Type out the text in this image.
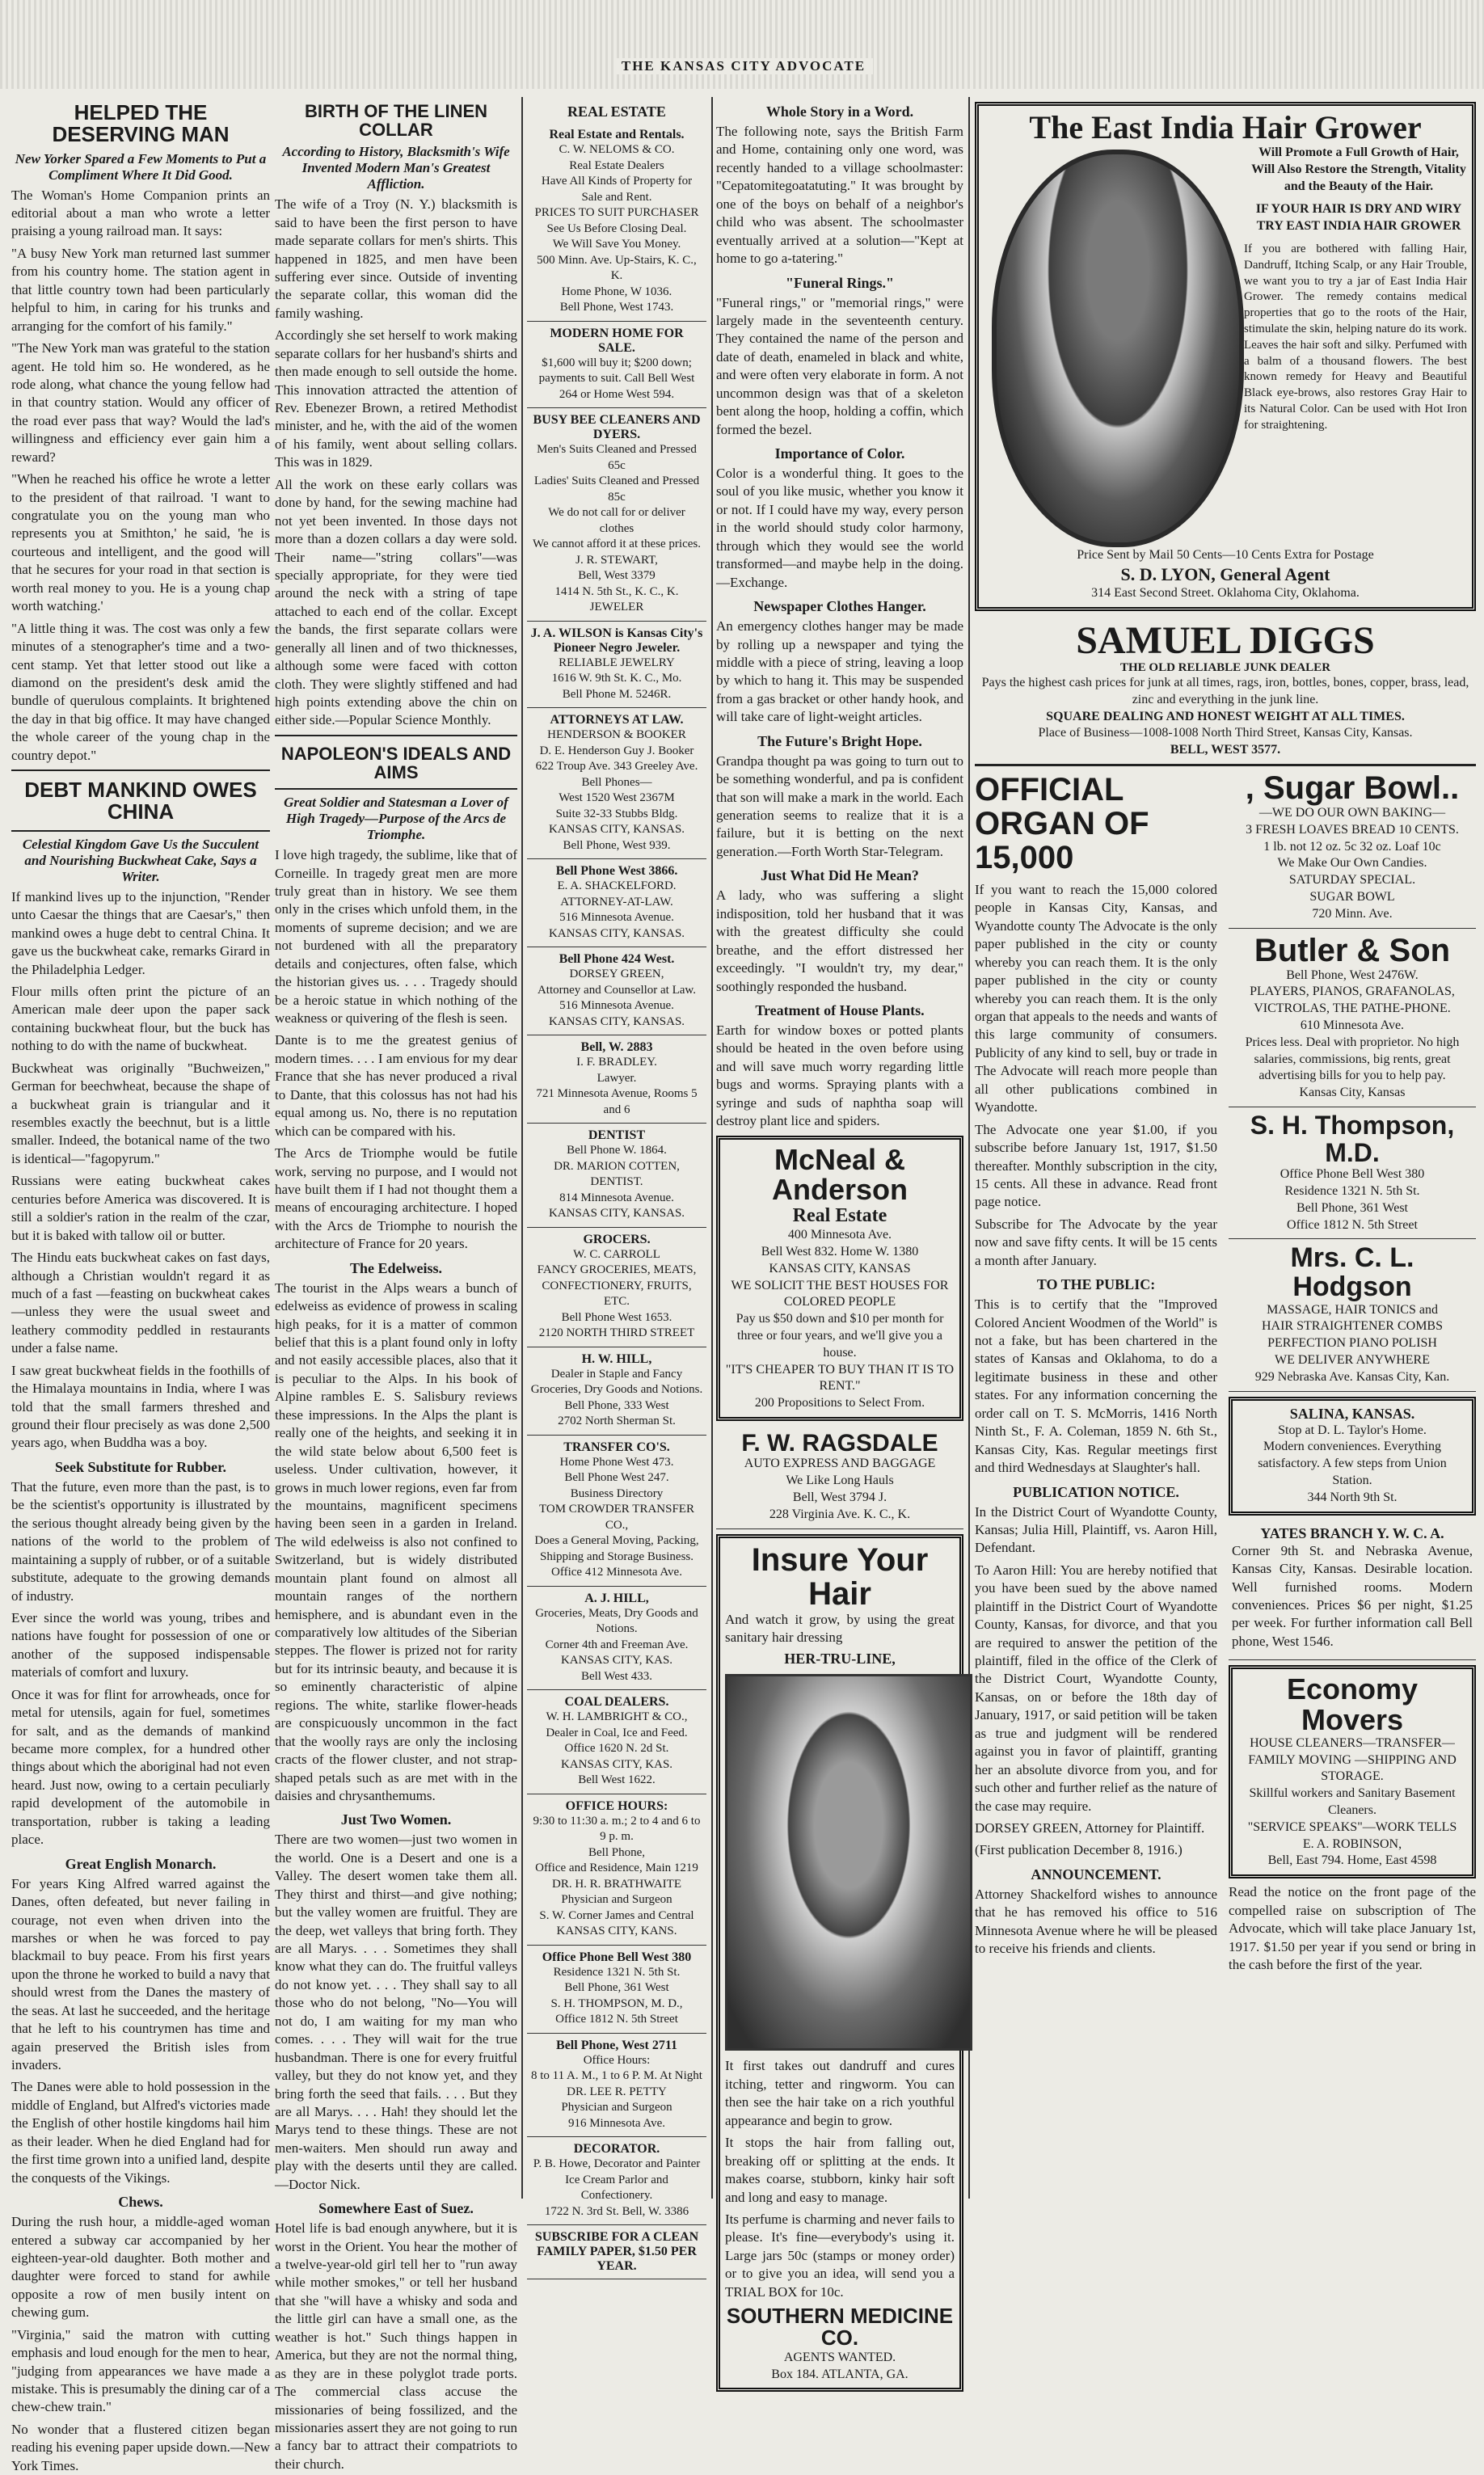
THE KANSAS CITY ADVOCATE
HELPED THE DESERVING MAN
New Yorker Spared a Few Moments to Put a Compliment Where It Did Good.

The Woman's Home Companion prints an editorial about a man who wrote a letter praising a young railroad man. It says:

"A busy New York man returned last summer from his country home. The station agent in that little country town had been particularly helpful to him, in caring for his trunks and arranging for the comfort of his family."

"The New York man was grateful to the station agent. He told him so. He wondered, as he rode along, what chance the young fellow had in that country station. Would any officer of the road ever pass that way? Would the lad's willingness and efficiency ever gain him a reward?

"When he reached his office he wrote a letter to the president of that railroad. 'I want to congratulate you on the young man who represents you at Smithton,' he said, 'he is courteous and intelligent, and the good will that he secures for your road in that section is worth real money to you. He is a young chap worth watching.'

"A little thing it was. The cost was only a few minutes of a stenographer's time and a two-cent stamp. Yet that letter stood out like a diamond on the president's desk amid the bundle of querulous complaints. It brightened the day in that big office. It may have changed the whole career of the young chap in the country depot."

DEBT MANKIND OWES CHINA
Celestial Kingdom Gave Us the Succulent and Nourishing Buckwheat Cake, Says a Writer.

If mankind lives up to the injunction, "Render unto Caesar the things that are Caesar's," then mankind owes a huge debt to central China. It gave us the buckwheat cake, remarks Girard in the Philadelphia Ledger.

Flour mills often print the picture of an American male deer upon the paper sack containing buckwheat flour, but the buck has nothing to do with the name of buckwheat.

Buckwheat was originally "Buchweizen," German for beechwheat, because the shape of a buckwheat grain is triangular and it resembles exactly the beechnut, but is a little smaller. Indeed, the botanical name of the two is identical—"fagopyrum."

Russians were eating buckwheat cakes centuries before America was discovered. It is still a soldier's ration in the realm of the czar, but it is baked with tallow oil or butter.

The Hindu eats buckwheat cakes on fast days, although a Christian wouldn't regard it as much of a fast —feasting on buckwheat cakes—unless they were the usual sweet and leathery commodity peddled in restaurants under a false name.

I saw great buckwheat fields in the foothills of the Himalaya mountains in India, where I was told that the small farmers threshed and ground their flour precisely as was done 2,500 years ago, when Buddha was a boy.

Seek Substitute for Rubber.

That the future, even more than the past, is to be the scientist's opportunity is illustrated by the serious thought already being given by the nations of the world to the problem of maintaining a supply of rubber, or of a suitable substitute, adequate to the growing demands of industry.

Ever since the world was young, tribes and nations have fought for possession of one or another of the supposed indispensable materials of comfort and luxury.

Once it was for flint for arrowheads, once for metal for utensils, again for fuel, sometimes for salt, and as the demands of mankind became more complex, for a hundred other things about which the aboriginal had not even heard. Just now, owing to a certain peculiarly rapid development of the automobile in transportation, rubber is taking a leading place.

Great English Monarch.

For years King Alfred warred against the Danes, often defeated, but never failing in courage, not even when driven into the marshes or when he was forced to pay blackmail to buy peace. From his first years upon the throne he worked to build a navy that should wrest from the Danes the mastery of the seas. At last he succeeded, and the heritage that he left to his countrymen has time and again preserved the British isles from invaders.

The Danes were able to hold possession in the middle of England, but Alfred's victories made the English of other hostile kingdoms hail him as their leader. When he died England had for the first time grown into a unified land, despite the conquests of the Vikings.

Chews.

During the rush hour, a middle-aged woman entered a subway car accompanied by her eighteen-year-old daughter. Both mother and daughter were forced to stand for awhile opposite a row of men busily intent on chewing gum.

"Virginia," said the matron with cutting emphasis and loud enough for the men to hear, "judging from appearances we have made a mistake. This is presumably the dining car of a chew-chew train."

No wonder that a flustered citizen began reading his evening paper upside down.—New York Times.

BIRTH OF THE LINEN COLLAR
According to History, Blacksmith's Wife Invented Modern Man's Greatest Affliction.

The wife of a Troy (N. Y.) blacksmith is said to have been the first person to have made separate collars for men's shirts. This happened in 1825, and men have been suffering ever since. Outside of inventing the separate collar, this woman did the family washing.

Accordingly she set herself to work making separate collars for her husband's shirts and then made enough to sell outside the home. This innovation attracted the attention of Rev. Ebenezer Brown, a retired Methodist minister, and he, with the aid of the women of his family, went about selling collars. This was in 1829.

All the work on these early collars was done by hand, for the sewing machine had not yet been invented. In those days not more than a dozen collars a day were sold. Their name—"string collars"—was specially appropriate, for they were tied around the neck with a string of tape attached to each end of the collar. Except the bands, the first separate collars were generally all linen and of two thicknesses, although some were faced with cotton cloth. They were slightly stiffened and had high points extending above the chin on either side.—Popular Science Monthly.

NAPOLEON'S IDEALS AND AIMS
Great Soldier and Statesman a Lover of High Tragedy—Purpose of the Arcs de Triomphe.

I love high tragedy, the sublime, like that of Corneille. In tragedy great men are more truly great than in history. We see them only in the crises which unfold them, in the moments of supreme decision; and we are not burdened with all the preparatory details and conjectures, often false, which the historian gives us. . . . Tragedy should be a heroic statue in which nothing of the weakness or quivering of the flesh is seen.

Dante is to me the greatest genius of modern times. . . . I am envious for my dear France that she has never produced a rival to Dante, that this colossus has not had his equal among us. No, there is no reputation which can be compared with his.

The Arcs de Triomphe would be futile work, serving no purpose, and I would not have built them if I had not thought them a means of encouraging architecture. I hoped with the Arcs de Triomphe to nourish the architecture of France for 20 years.

The Edelweiss.

The tourist in the Alps wears a bunch of edelweiss as evidence of prowess in scaling high peaks, for it is a matter of common belief that this is a plant found only in lofty and not easily accessible places, also that it is peculiar to the Alps. In his book of Alpine rambles E. S. Salisbury reviews these impressions. In the Alps the plant is really one of the heights, and seeking it in the wild state below about 6,500 feet is useless. Under cultivation, however, it grows in much lower regions, even far from the mountains, magnificent specimens having been seen in a garden in Ireland. The wild edelweiss is also not confined to Switzerland, but is widely distributed mountain plant found on almost all mountain ranges of the northern hemisphere, and is abundant even in the comparatively low altitudes of the Siberian steppes. The flower is prized not for rarity but for its intrinsic beauty, and because it is so eminently characteristic of alpine regions. The white, starlike flower-heads are conspicuously uncommon in the fact that the woolly rays are only the inclosing cracts of the flower cluster, and not strap-shaped petals such as are met with in the daisies and chrysanthemums.

Just Two Women.

There are two women—just two women in the world. One is a Desert and one is a Valley. The desert women take them all. They thirst and thirst—and give nothing; but the valley women are fruitful. They are the deep, wet valleys that bring forth. They are all Marys. . . . Sometimes they shall know what they can do. The fruitful valleys do not know yet. . . . They shall say to all those who do not belong, "No—You will not do, I am waiting for my man who comes. . . . They will wait for the true husbandman. There is one for every fruitful valley, but they do not know yet, and they bring forth the seed that fails. . . . But they are all Marys. . . . Hah! they should let the Marys tend to these things. These are not men-waiters. Men should run away and play with the deserts until they are called.—Doctor Nick.

Somewhere East of Suez.

Hotel life is bad enough anywhere, but it is worst in the Orient. You hear the mother of a twelve-year-old girl tell her to "run away while mother smokes," or tell her husband that she "will have a whisky and soda and the little girl can have a small one, as the weather is hot." Such things happen in America, but they are not the normal thing, as they are in these polyglot trade ports. The commercial class accuse the missionaries of being fossilized, and the missionaries assert they are not going to run a fancy bar to attract their compatriots to their church.

REAL ESTATE
Real Estate and Rentals.
C. W. NELOMS & CO.
Real Estate Dealers
Have All Kinds of Property for Sale and Rent.
PRICES TO SUIT PURCHASER
See Us Before Closing Deal.
We Will Save You Money.
500 Minn. Ave. Up-Stairs, K. C., K.
Home Phone, W 1036.
Bell Phone, West 1743.
MODERN HOME FOR SALE.
$1,600 will buy it; $200 down; payments to suit. Call Bell West 264 or Home West 594.
BUSY BEE CLEANERS AND DYERS.
Men's Suits Cleaned and Pressed 65c
Ladies' Suits Cleaned and Pressed 85c
We do not call for or deliver clothes
We cannot afford it at these prices.
J. R. STEWART,
Bell, West 3379
1414 N. 5th St., K. C., K.
JEWELER
J. A. WILSON is Kansas City's Pioneer Negro Jeweler.
RELIABLE JEWELRY
1616 W. 9th St. K. C., Mo.
Bell Phone M. 5246R.
ATTORNEYS AT LAW.
HENDERSON & BOOKER
D. E. Henderson Guy J. Booker
622 Troup Ave. 343 Greeley Ave.
Bell Phones—
West 1520 West 2367M
Suite 32-33 Stubbs Bldg.
KANSAS CITY, KANSAS.
Bell Phone, West 939.
Bell Phone West 3866.
E. A. SHACKELFORD.
ATTORNEY-AT-LAW.
516 Minnesota Avenue.
KANSAS CITY, KANSAS.
Bell Phone 424 West.
DORSEY GREEN,
Attorney and Counsellor at Law.
516 Minnesota Avenue.
KANSAS CITY, KANSAS.
Bell, W. 2883
I. F. BRADLEY.
Lawyer.
721 Minnesota Avenue, Rooms 5 and 6
DENTIST
Bell Phone W. 1864.
DR. MARION COTTEN,
DENTIST.
814 Minnesota Avenue.
KANSAS CITY, KANSAS.
GROCERS.
W. C. CARROLL
FANCY GROCERIES, MEATS, CONFECTIONERY, FRUITS, ETC.
Bell Phone West 1653.
2120 NORTH THIRD STREET
H. W. HILL,
Dealer in Staple and Fancy Groceries, Dry Goods and Notions.
Bell Phone, 333 West
2702 North Sherman St.
TRANSFER CO'S.
Home Phone West 473.
Bell Phone West 247.
Business Directory
TOM CROWDER TRANSFER CO.,
Does a General Moving, Packing, Shipping and Storage Business.
Office 412 Minnesota Ave.
A. J. HILL,
Groceries, Meats, Dry Goods and Notions.
Corner 4th and Freeman Ave.
KANSAS CITY, KAS.
Bell West 433.
COAL DEALERS.
W. H. LAMBRIGHT & CO.,
Dealer in Coal, Ice and Feed.
Office 1620 N. 2d St.
KANSAS CITY, KAS.
Bell West 1622.
OFFICE HOURS:
9:30 to 11:30 a. m.; 2 to 4 and 6 to 9 p. m.
Bell Phone,
Office and Residence, Main 1219
DR. H. R. BRATHWAITE
Physician and Surgeon
S. W. Corner James and Central
KANSAS CITY, KANS.
Office Phone Bell West 380
Residence 1321 N. 5th St.
Bell Phone, 361 West
S. H. THOMPSON, M. D.,
Office 1812 N. 5th Street
Bell Phone, West 2711
Office Hours:
8 to 11 A. M., 1 to 6 P. M. At Night
DR. LEE R. PETTY
Physician and Surgeon
916 Minnesota Ave.
DECORATOR.
P. B. Howe, Decorator and Painter
Ice Cream Parlor and Confectionery.
1722 N. 3rd St. Bell, W. 3386
SUBSCRIBE FOR A CLEAN FAMILY PAPER, $1.50 PER YEAR.
Whole Story in a Word.

The following note, says the British Farm and Home, containing only one word, was recently handed to a village schoolmaster: "Cepatomitegoatatuting." It was brought by one of the boys on behalf of a neighbor's child who was absent. The schoolmaster eventually arrived at a solution—"Kept at home to go a-tatering."

"Funeral Rings."

"Funeral rings," or "memorial rings," were largely made in the seventeenth century. They contained the name of the person and date of death, enameled in black and white, and were often very elaborate in form. A not uncommon design was that of a skeleton bent along the hoop, holding a coffin, which formed the bezel.

Importance of Color.

Color is a wonderful thing. It goes to the soul of you like music, whether you know it or not. If I could have my way, every person in the world should study color harmony, through which they would see the world transformed—and maybe help in the doing.—Exchange.

Newspaper Clothes Hanger.

An emergency clothes hanger may be made by rolling up a newspaper and tying the middle with a piece of string, leaving a loop by which to hang it. This may be suspended from a gas bracket or other handy hook, and will take care of light-weight articles.

The Future's Bright Hope.

Grandpa thought pa was going to turn out to be something wonderful, and pa is confident that son will make a mark in the world. Each generation seems to realize that it is a failure, but it is betting on the next generation.—Forth Worth Star-Telegram.

Just What Did He Mean?

A lady, who was suffering a slight indisposition, told her husband that it was with the greatest difficulty she could breathe, and the effort distressed her exceedingly. "I wouldn't try, my dear," soothingly responded the husband.

Treatment of House Plants.

Earth for window boxes or potted plants should be heated in the oven before using and will save much worry regarding little bugs and worms. Spraying plants with a syringe and suds of naphtha soap will destroy plant lice and spiders.

McNeal & Anderson
Real Estate
400 Minnesota Ave.
Bell West 832. Home W. 1380
KANSAS CITY, KANSAS
WE SOLICIT THE BEST HOUSES FOR COLORED PEOPLE
Pay us $50 down and $10 per month for three or four years, and we'll give you a house.
"IT'S CHEAPER TO BUY THAN IT IS TO RENT."
200 Propositions to Select From.
F. W. RAGSDALE
AUTO EXPRESS AND BAGGAGE
We Like Long Hauls
Bell, West 3794 J.
228 Virginia Ave. K. C., K.
Insure Your Hair

And watch it grow, by using the great sanitary hair dressing

HER-TRU-LINE,

It first takes out dandruff and cures itching, tetter and ringworm. You can then see the hair take on a rich youthful appearance and begin to grow.

It stops the hair from falling out, breaking off or splitting at the ends. It makes coarse, stubborn, kinky hair soft and long and easy to manage.

Its perfume is charming and never fails to please. It's fine—everybody's using it. Large jars 50c (stamps or money order) or to give you an idea, will send you a TRIAL BOX for 10c.

SOUTHERN MEDICINE CO.
AGENTS WANTED.
Box 184. ATLANTA, GA.
The East India Hair Grower
Will Promote a Full Growth of Hair, Will Also Restore the Strength, Vitality and the Beauty of the Hair.
IF YOUR HAIR IS DRY AND WIRY TRY EAST INDIA HAIR GROWER

If you are bothered with falling Hair, Dandruff, Itching Scalp, or any Hair Trouble, we want you to try a jar of East India Hair Grower. The remedy contains medical properties that go to the roots of the Hair, stimulate the skin, helping nature do its work. Leaves the hair soft and silky. Perfumed with a balm of a thousand flowers. The best known remedy for Heavy and Beautiful Black eye-brows, also restores Gray Hair to its Natural Color. Can be used with Hot Iron for straightening.

Price Sent by Mail 50 Cents—10 Cents Extra for Postage
S. D. LYON, General Agent
314 East Second Street. Oklahoma City, Oklahoma.
SAMUEL DIGGS
THE OLD RELIABLE JUNK DEALER
Pays the highest cash prices for junk at all times, rags, iron, bottles, bones, copper, brass, lead, zinc and everything in the junk line.
SQUARE DEALING AND HONEST WEIGHT AT ALL TIMES.
Place of Business—1008-1008 North Third Street, Kansas City, Kansas.
BELL, WEST 3577.
OFFICIAL ORGAN OF 15,000

If you want to reach the 15,000 colored people in Kansas City, Kansas, and Wyandotte county The Advocate is the only paper published in the city or county whereby you can reach them. It is the only paper published in the city or county whereby you can reach them. It is the only organ that appeals to the needs and wants of this large community of consumers. Publicity of any kind to sell, buy or trade in The Advocate will reach more people than all other publications combined in Wyandotte.

The Advocate one year $1.00, if you subscribe before January 1st, 1917, $1.50 thereafter. Monthly subscription in the city, 15 cents. All these in advance. Read front page notice.

Subscribe for The Advocate by the year now and save fifty cents. It will be 15 cents a month after January.

TO THE PUBLIC:

This is to certify that the "Improved Colored Ancient Woodmen of the World" is not a fake, but has been chartered in the states of Kansas and Oklahoma, to do a legitimate business in these and other states. For any information concerning the order call on T. S. McMorris, 1416 North Ninth St., F. A. Coleman, 1859 N. 6th St., Kansas City, Kas. Regular meetings first and third Wednesdays at Slaughter's hall.

PUBLICATION NOTICE.

In the District Court of Wyandotte County, Kansas; Julia Hill, Plaintiff, vs. Aaron Hill, Defendant.

To Aaron Hill: You are hereby notified that you have been sued by the above named plaintiff in the District Court of Wyandotte County, Kansas, for divorce, and that you are required to answer the petition of the plaintiff, filed in the office of the Clerk of the District Court, Wyandotte County, Kansas, on or before the 18th day of January, 1917, or said petition will be taken as true and judgment will be rendered against you in favor of plaintiff, granting her an absolute divorce from you, and for such other and further relief as the nature of the case may require.

DORSEY GREEN, Attorney for Plaintiff.

(First publication December 8, 1916.)

ANNOUNCEMENT.

Attorney Shackelford wishes to announce that he has removed his office to 516 Minnesota Avenue where he will be pleased to receive his friends and clients.

, Sugar Bowl..
—WE DO OUR OWN BAKING—
3 FRESH LOAVES BREAD 10 CENTS.
1 lb. not 12 oz. 5c 32 oz. Loaf 10c
We Make Our Own Candies.
SATURDAY SPECIAL.
SUGAR BOWL
720 Minn. Ave.
Butler & Son
Bell Phone, West 2476W.
PLAYERS, PIANOS, GRAFANOLAS, VICTROLAS, THE PATHE-PHONE.
610 Minnesota Ave.
Prices less. Deal with proprietor. No high salaries, commissions, big rents, great advertising bills for you to help pay.
Kansas City, Kansas
S. H. Thompson, M.D.
Office Phone Bell West 380
Residence 1321 N. 5th St.
Bell Phone, 361 West
Office 1812 N. 5th Street
Mrs. C. L. Hodgson
MASSAGE, HAIR TONICS and
HAIR STRAIGHTENER COMBS
PERFECTION PIANO POLISH
WE DELIVER ANYWHERE
929 Nebraska Ave. Kansas City, Kan.
SALINA, KANSAS.
Stop at D. L. Taylor's Home.
Modern conveniences. Everything satisfactory. A few steps from Union Station.
344 North 9th St.
YATES BRANCH Y. W. C. A.

Corner 9th St. and Nebraska Avenue, Kansas City, Kansas. Desirable location. Well furnished rooms. Modern conveniences. Prices $6 per night, $1.25 per week. For further information call Bell phone, West 1546.

Economy Movers
HOUSE CLEANERS—TRANSFER—FAMILY MOVING —SHIPPING AND STORAGE.
Skillful workers and Sanitary Basement Cleaners.
"SERVICE SPEAKS"—WORK TELLS
E. A. ROBINSON,
Bell, East 794. Home, East 4598

Read the notice on the front page of the compelled raise on subscription of The Advocate, which will take place January 1st, 1917. $1.50 per year if you send or bring in the cash before the first of the year.
